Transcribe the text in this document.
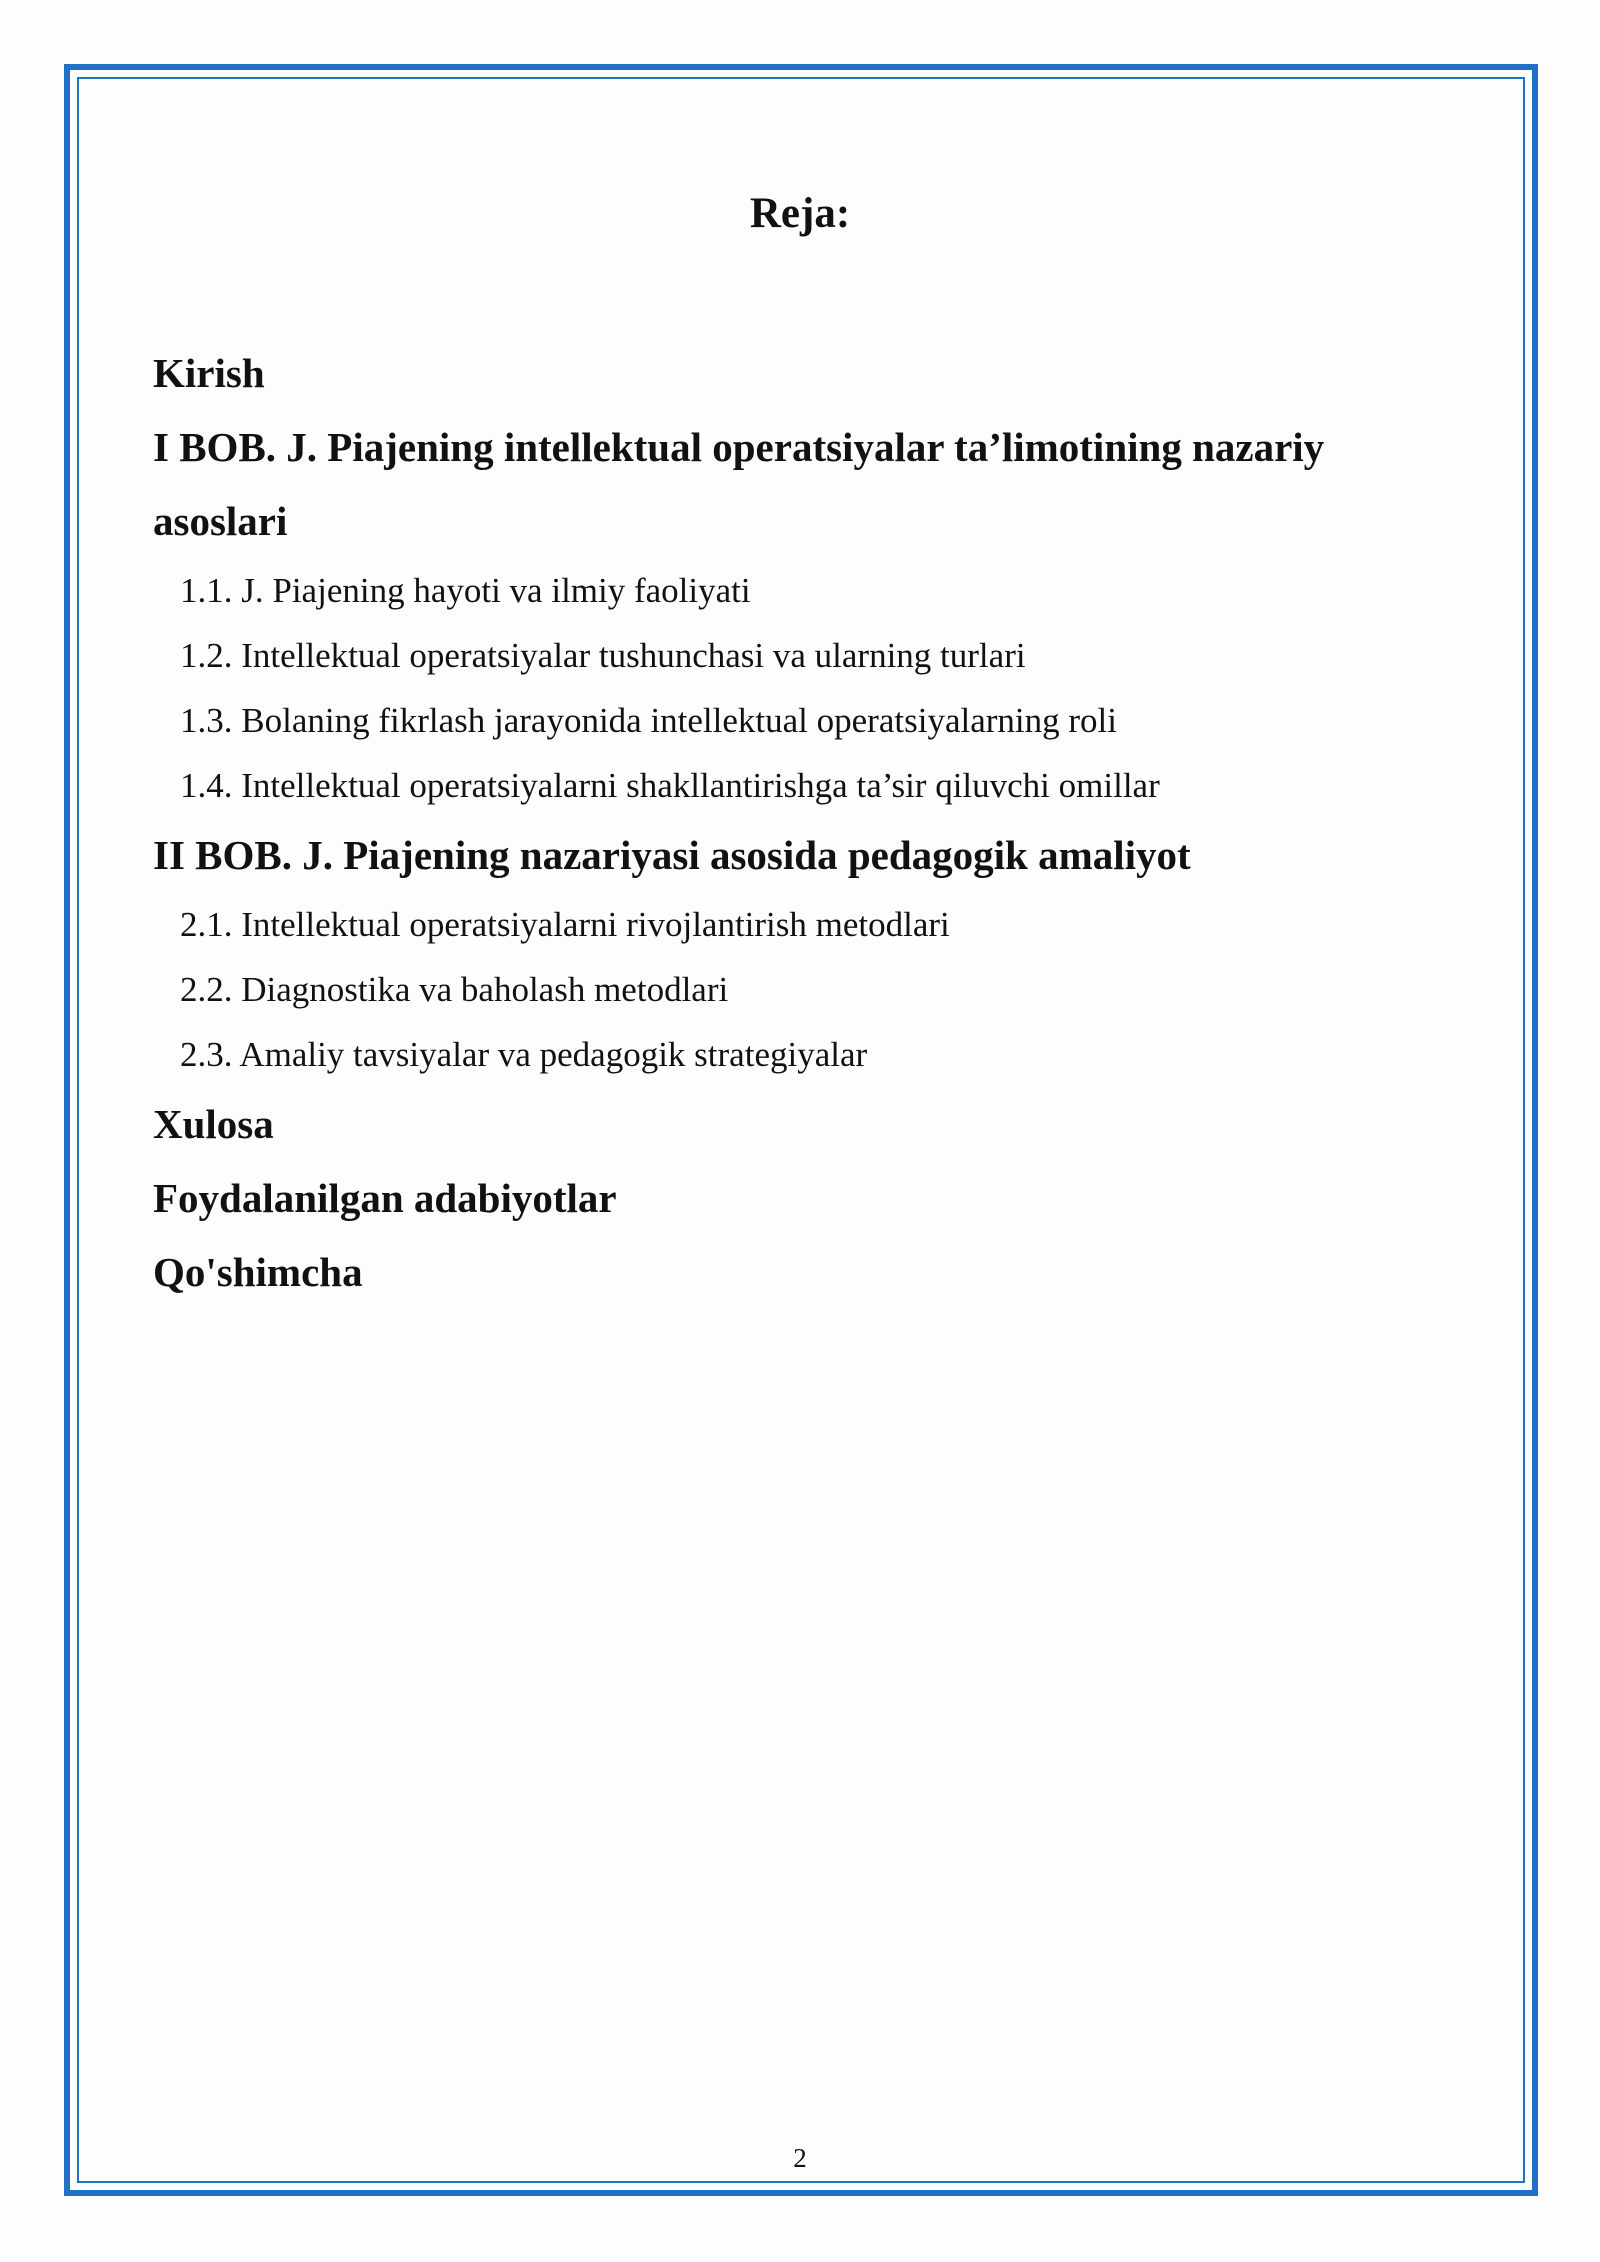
Reja:
Kirish
I BOB. J. Piajening intellektual operatsiyalar ta’limotining nazariy asoslari
1.1. J. Piajening hayoti va ilmiy faoliyati
1.2. Intellektual operatsiyalar tushunchasi va ularning turlari
1.3. Bolaning fikrlash jarayonida intellektual operatsiyalarning roli
1.4. Intellektual operatsiyalarni shakllantirishga ta’sir qiluvchi omillar
II BOB. J. Piajening nazariyasi asosida pedagogik amaliyot
2.1. Intellektual operatsiyalarni rivojlantirish metodlari
2.2. Diagnostika va baholash metodlari
2.3. Amaliy tavsiyalar va pedagogik strategiyalar
Xulosa
Foydalanilgan adabiyotlar
Qo'shimcha
2
